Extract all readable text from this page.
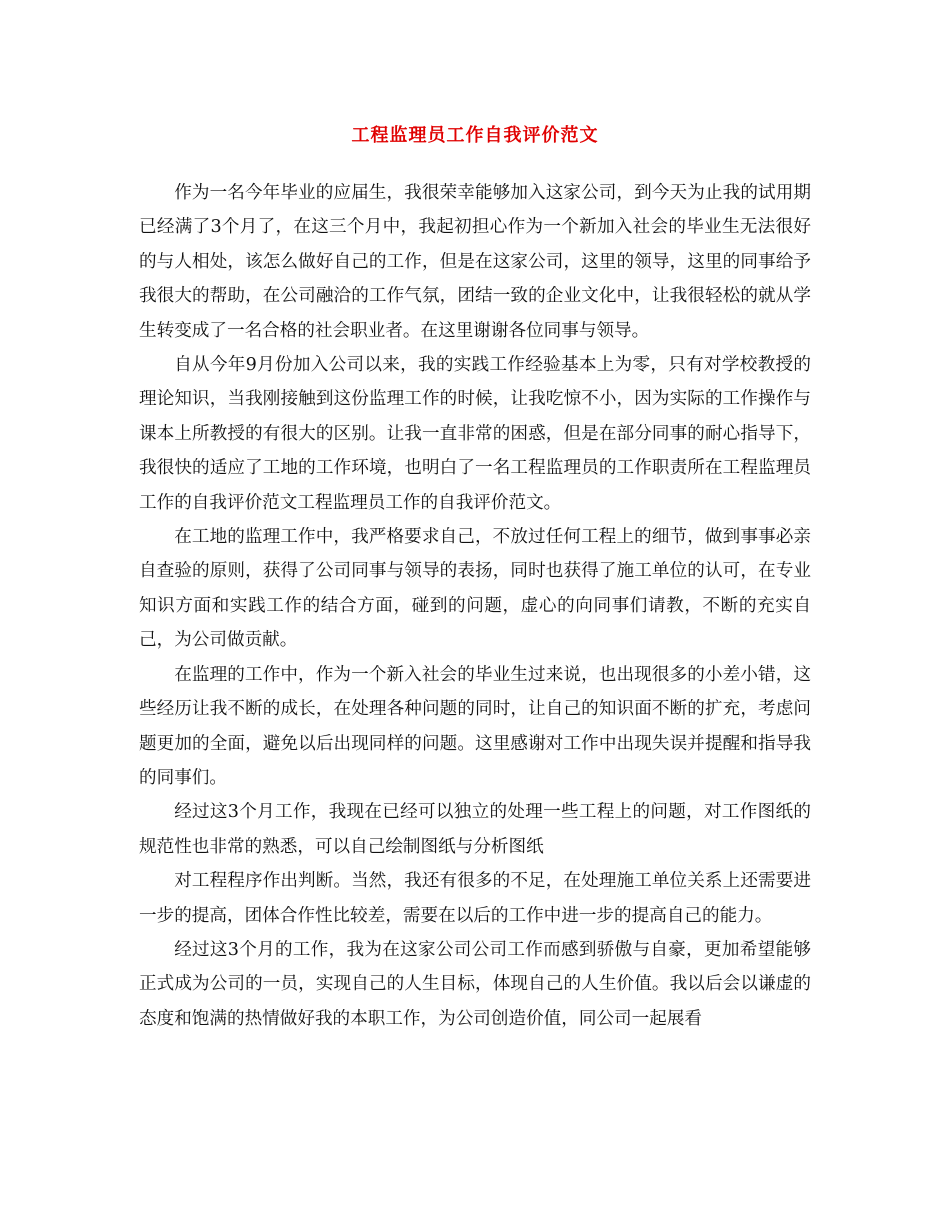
工程监理员工作自我评价范文

作为一名今年毕业的应届生，我很荣幸能够加入这家公司，到今天为止我的试用期已经满了3个月了，在这三个月中，我起初担心作为一个新加入社会的毕业生无法很好的与人相处，该怎么做好自己的工作，但是在这家公司，这里的领导，这里的同事给予我很大的帮助，在公司融洽的工作气氛，团结一致的企业文化中，让我很轻松的就从学生转变成了一名合格的社会职业者。在这里谢谢各位同事与领导。

自从今年9月份加入公司以来，我的实践工作经验基本上为零，只有对学校教授的理论知识，当我刚接触到这份监理工作的时候，让我吃惊不小，因为实际的工作操作与课本上所教授的有很大的区别。让我一直非常的困惑，但是在部分同事的耐心指导下，我很快的适应了工地的工作环境，也明白了一名工程监理员的工作职责所在工程监理员工作的自我评价范文工程监理员工作的自我评价范文。

在工地的监理工作中，我严格要求自己，不放过任何工程上的细节，做到事事必亲自查验的原则，获得了公司同事与领导的表扬，同时也获得了施工单位的认可，在专业知识方面和实践工作的结合方面，碰到的问题，虚心的向同事们请教，不断的充实自己，为公司做贡献。

在监理的工作中，作为一个新入社会的毕业生过来说，也出现很多的小差小错，这些经历让我不断的成长，在处理各种问题的同时，让自己的知识面不断的扩充，考虑问题更加的全面，避免以后出现同样的问题。这里感谢对工作中出现失误并提醒和指导我的同事们。

经过这3个月工作，我现在已经可以独立的处理一些工程上的问题，对工作图纸的规范性也非常的熟悉，可以自己绘制图纸与分析图纸

对工程程序作出判断。当然，我还有很多的不足，在处理施工单位关系上还需要进一步的提高，团体合作性比较差，需要在以后的工作中进一步的提高自己的能力。

经过这3个月的工作，我为在这家公司公司工作而感到骄傲与自豪，更加希望能够正式成为公司的一员，实现自己的人生目标，体现自己的人生价值。我以后会以谦虚的态度和饱满的热情做好我的本职工作，为公司创造价值，同公司一起展看
